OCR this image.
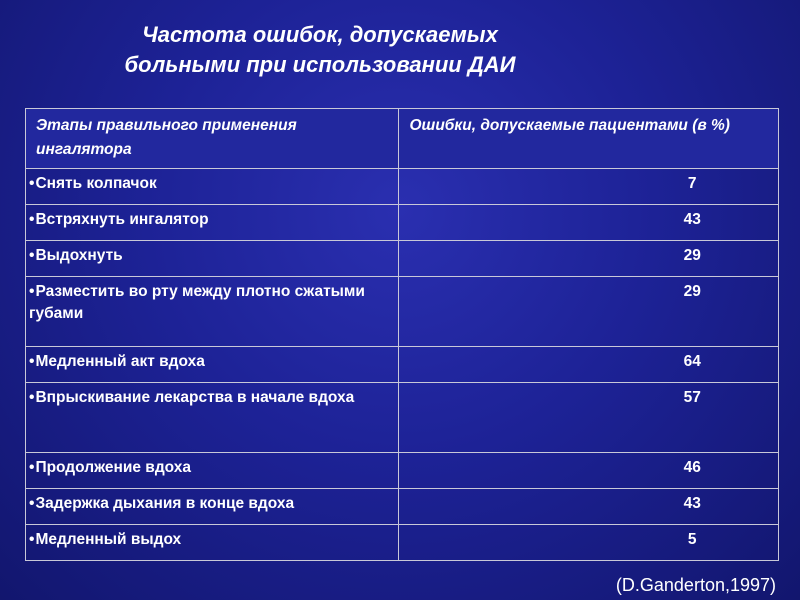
Частота ошибок, допускаемых
больными при использовании ДАИ
Этапы правильного применения ингалятора	Ошибки, допускаемые пациентами (в %)
•Снять колпачок	7
•Встряхнуть ингалятор	43
•Выдохнуть	29
•Разместить во рту между плотно сжатыми губами	29
•Медленный акт вдоха	64
•Впрыскивание лекарства в начале вдоха	57
•Продолжение вдоха	46
•Задержка дыхания в конце вдоха	43
•Медленный выдох	5
(D.Ganderton,1997)
